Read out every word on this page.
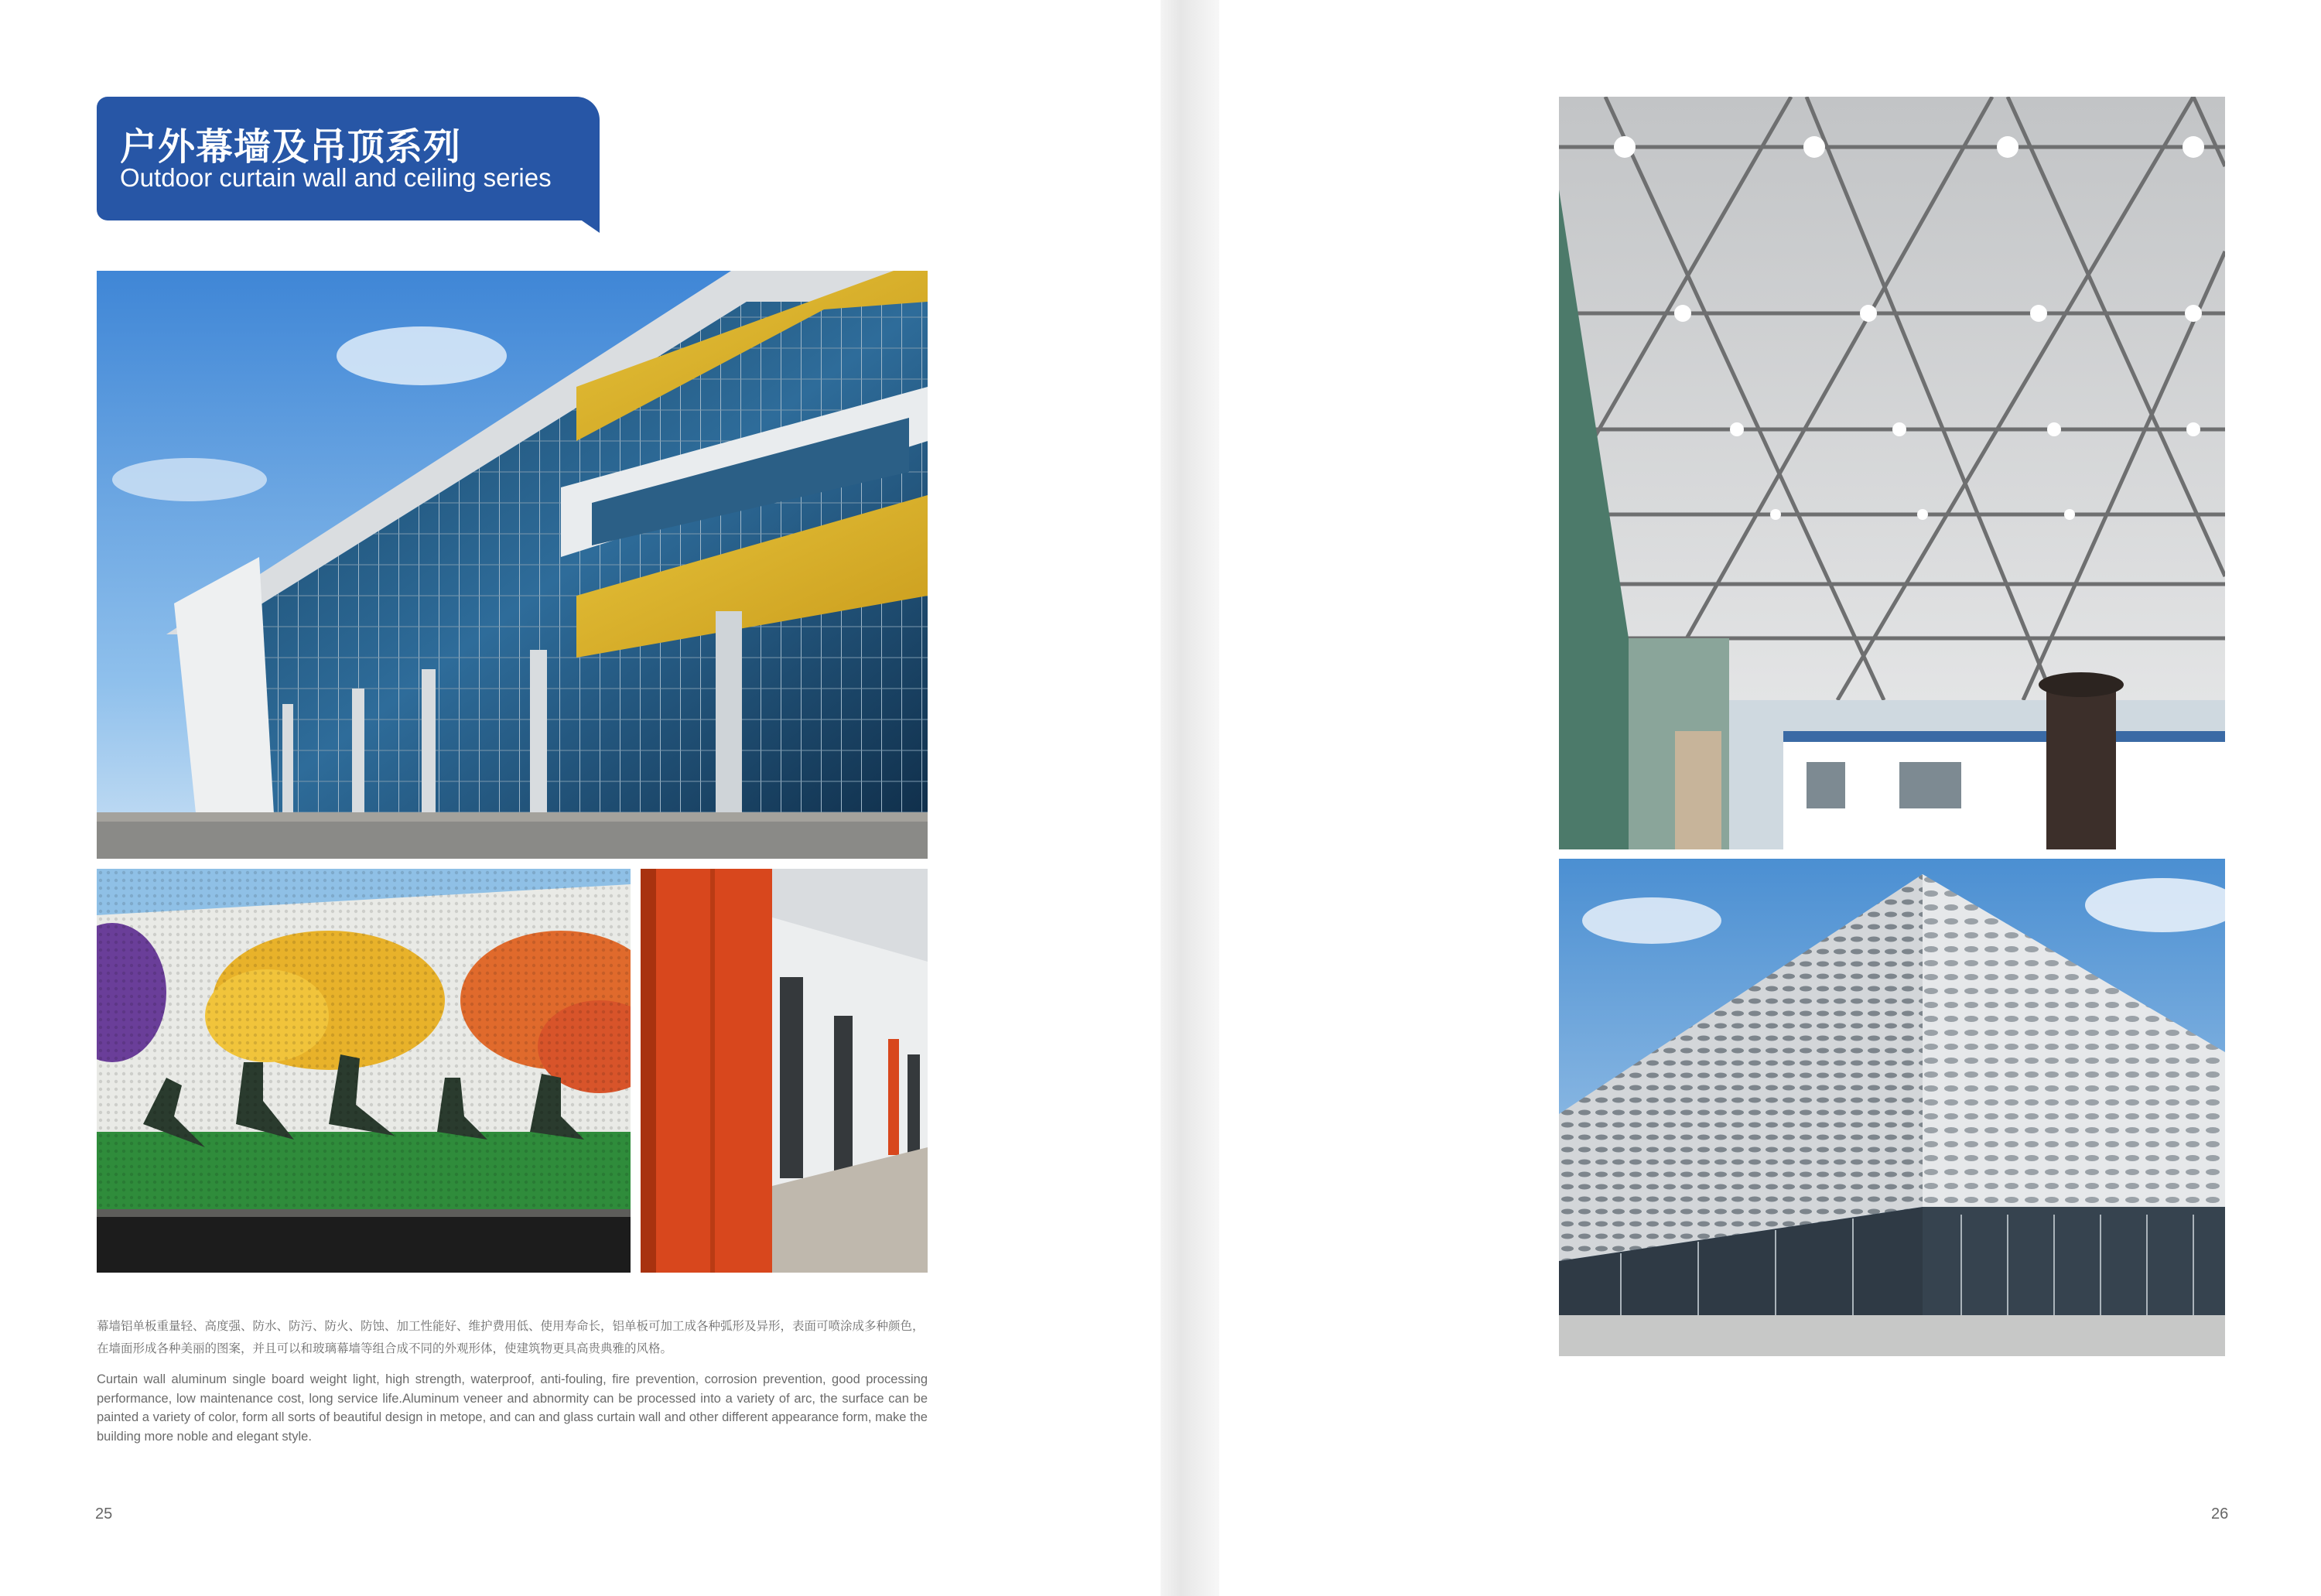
户外幕墙及吊顶系列
Outdoor curtain wall and ceiling series
幕墙铝单板重量轻、高度强、防水、防污、防火、防蚀、加工性能好、维护费用低、使用寿命长，铝单板可加工成各种弧形及异形，表面可喷涂成多种颜色，在墙面形成各种美丽的图案，并且可以和玻璃幕墙等组合成不同的外观形体，使建筑物更具高贵典雅的风格。
Curtain wall aluminum single board weight light, high strength, waterproof, anti-fouling, fire prevention, corrosion prevention, good processing performance, low maintenance cost, long service life.Aluminum veneer and abnormity can be processed into a variety of arc, the surface can be painted a variety of color, form all sorts of beautiful design in metope, and can and glass curtain wall and other different appearance form, make the building more noble and elegant style.
25	26
